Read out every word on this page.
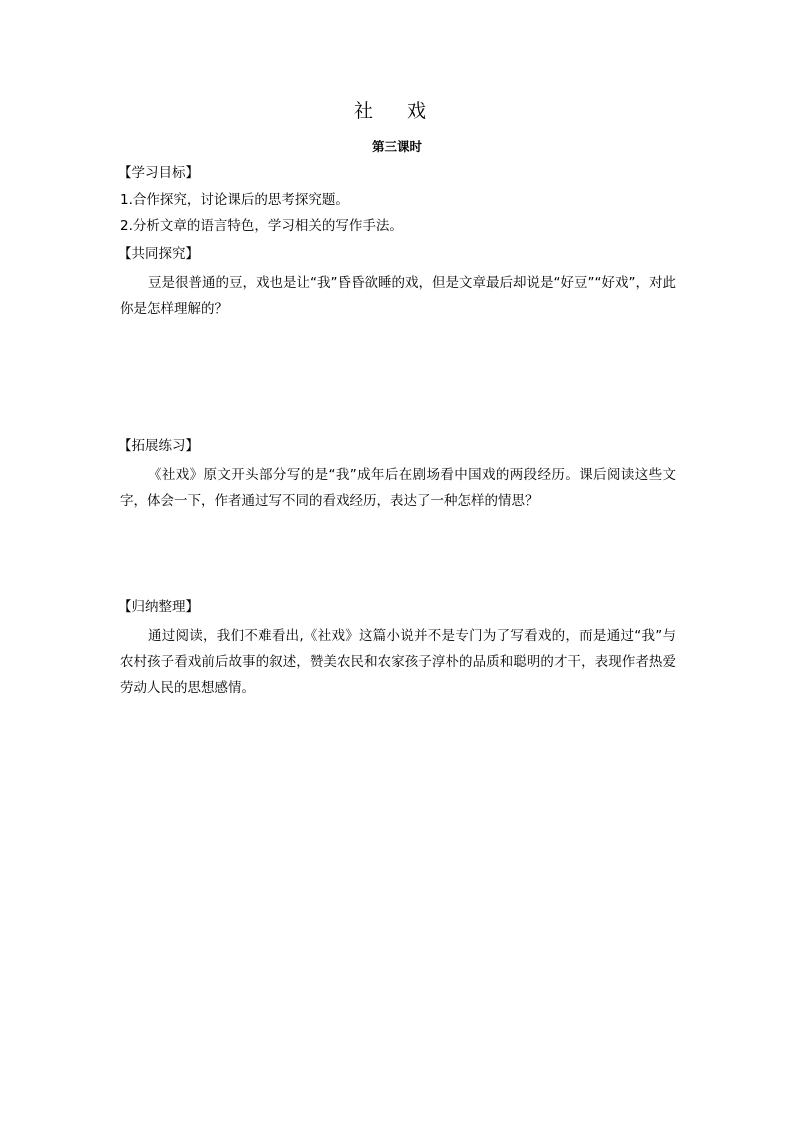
社 戏
第三课时
【学习目标】
1.合作探究，讨论课后的思考探究题。
2.分析文章的语言特色，学习相关的写作手法。
【共同探究】
豆是很普通的豆，戏也是让“我”昏昏欲睡的戏，但是文章最后却说是“好豆”“好戏”，对此你是怎样理解的？
【拓展练习】
《社戏》原文开头部分写的是“我”成年后在剧场看中国戏的两段经历。课后阅读这些文字，体会一下，作者通过写不同的看戏经历，表达了一种怎样的情思？
【归纳整理】
通过阅读，我们不难看出,《社戏》这篇小说并不是专门为了写看戏的，而是通过“我”与农村孩子看戏前后故事的叙述，赞美农民和农家孩子淳朴的品质和聪明的才干，表现作者热爱劳动人民的思想感情。
